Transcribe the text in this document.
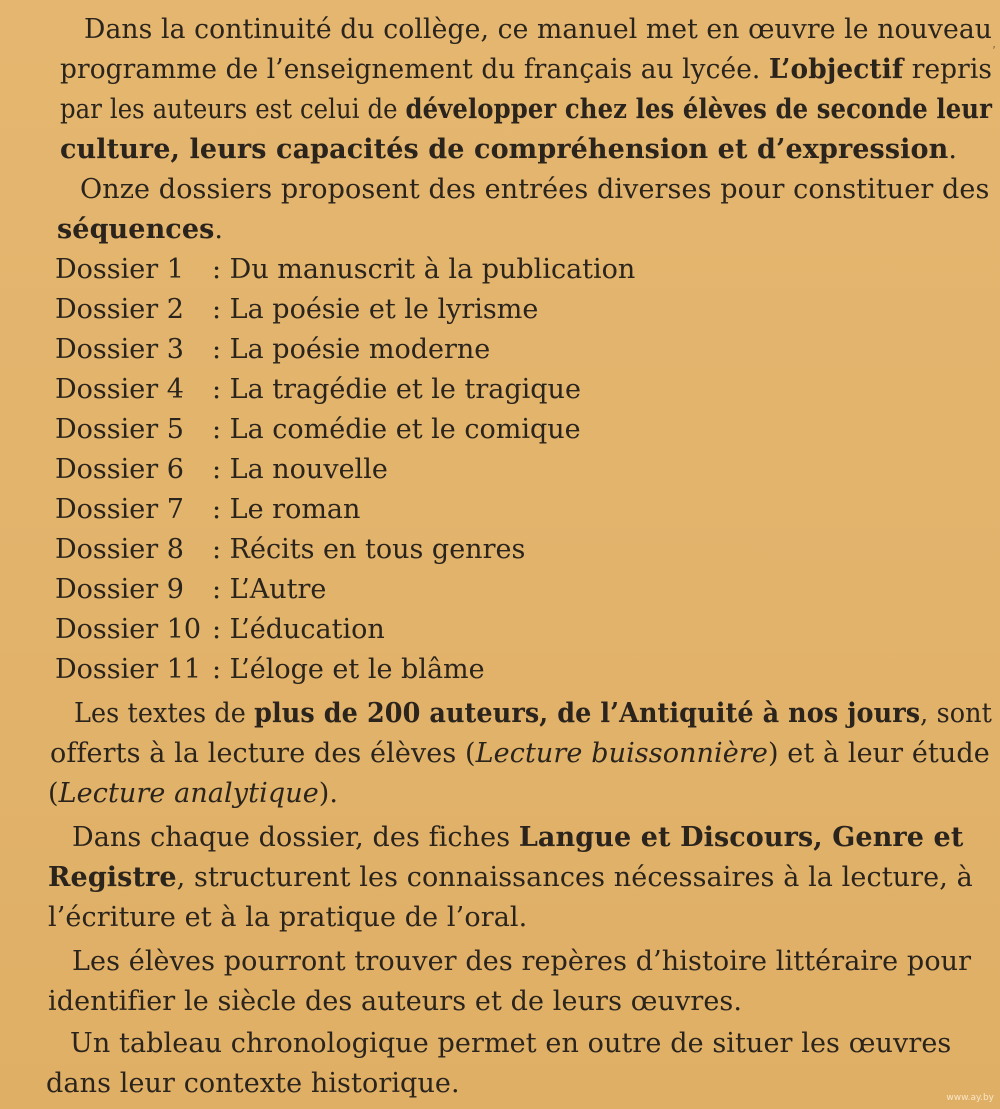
Dans la continuité du collège, ce manuel met en œuvre le nouveau
programme de l’enseignement du français au lycée. L’objectif repris
par les auteurs est celui de développer chez les élèves de seconde leur
culture, leurs capacités de compréhension et d’expression.
Onze dossiers proposent des entrées diverses pour constituer des
séquences.
Dossier 1 : Du manuscrit à la publication
Dossier 2 : La poésie et le lyrisme
Dossier 3 : La poésie moderne
Dossier 4 : La tragédie et le tragique
Dossier 5 : La comédie et le comique
Dossier 6 : La nouvelle
Dossier 7 : Le roman
Dossier 8 : Récits en tous genres
Dossier 9 : L’Autre
Dossier 10 : L’éducation
Dossier 11 : L’éloge et le blâme
Les textes de plus de 200 auteurs, de l’Antiquité à nos jours, sont
offerts à la lecture des élèves (Lecture buissonnière) et à leur étude
(Lecture analytique).
Dans chaque dossier, des fiches Langue et Discours, Genre et
Registre, structurent les connaissances nécessaires à la lecture, à
l’écriture et à la pratique de l’oral.
Les élèves pourront trouver des repères d’histoire littéraire pour
identifier le siècle des auteurs et de leurs œuvres.
Un tableau chronologique permet en outre de situer les œuvres
dans leur contexte historique.
’
www.ay.by
